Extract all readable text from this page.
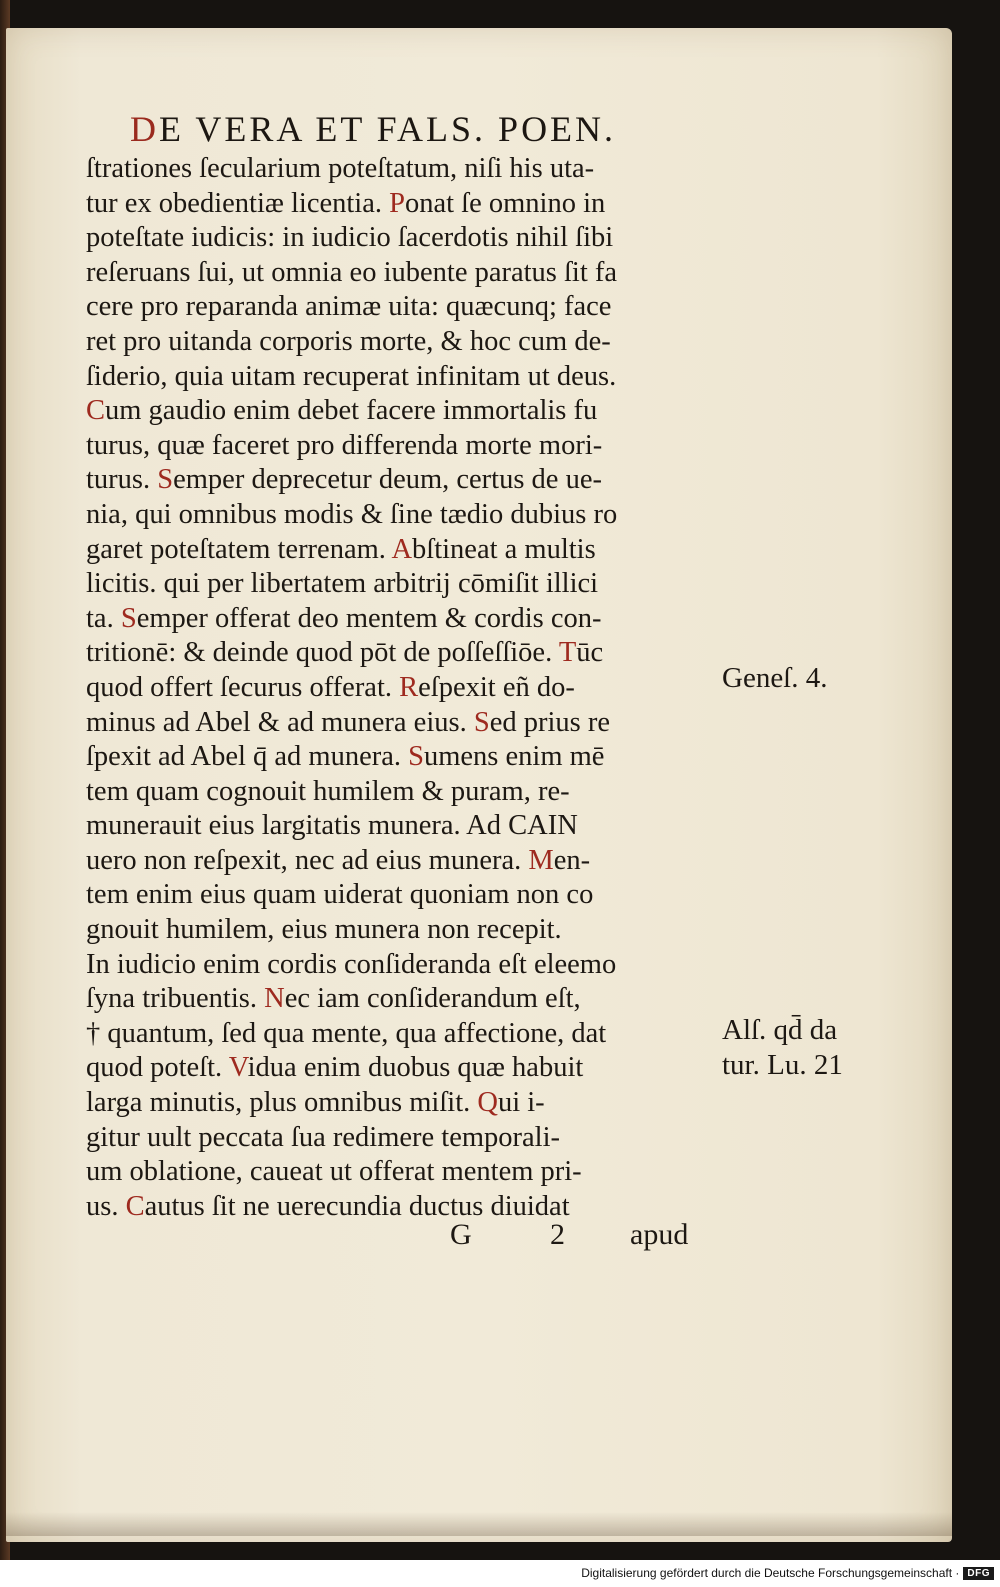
DE VERA ET FALS. POEN.
ſtrationes ſecularium poteſtatum, niſi his uta-
tur ex obedientiæ licentia. Ponat ſe omnino in
poteſtate iudicis: in iudicio ſacerdotis nihil ſibi
reſeruans ſui, ut omnia eo iubente paratus ſit fa
cere pro reparanda animæ uita: quæcunq; face
ret pro uitanda corporis morte, & hoc cum de-
ſiderio, quia uitam recuperat infinitam ut deus.
Cum gaudio enim debet facere immortalis fu
turus, quæ faceret pro differenda morte mori-
turus. Semper deprecetur deum, certus de ue-
nia, qui omnibus modis & ſine tædio dubius ro
garet poteſtatem terrenam. Abſtineat a multis
licitis. qui per libertatem arbitrij cōmiſit illici
ta. Semper offerat deo mentem & cordis con-
tritionē: & deinde quod pōt de poſſeſſiōe. Tūc
quod offert ſecurus offerat. Reſpexit eñ do-
minus ad Abel & ad munera eius. Sed prius re
ſpexit ad Abel q̄ ad munera. Sumens enim mē
tem quam cognouit humilem & puram, re-
munerauit eius largitatis munera. Ad CAIN
uero non reſpexit, nec ad eius munera. Men-
tem enim eius quam uiderat quoniam non co
gnouit humilem, eius munera non recepit.
In iudicio enim cordis conſideranda eſt eleemo
ſyna tribuentis. Nec iam conſiderandum eſt,
† quantum, ſed qua mente, qua affectione, dat
quod poteſt. Vidua enim duobus quæ habuit
larga minutis, plus omnibus miſit. Qui i-
gitur uult peccata ſua redimere temporali-
um oblatione, caueat ut offerat mentem pri-
us. Cautus ſit ne uerecundia ductus diuidat
Geneſ. 4.
Alſ. qd̄ da
tur. Lu. 21
G	2 apud
Digitalisierung gefördert durch die Deutsche Forschungsgemeinschaft · DFG
